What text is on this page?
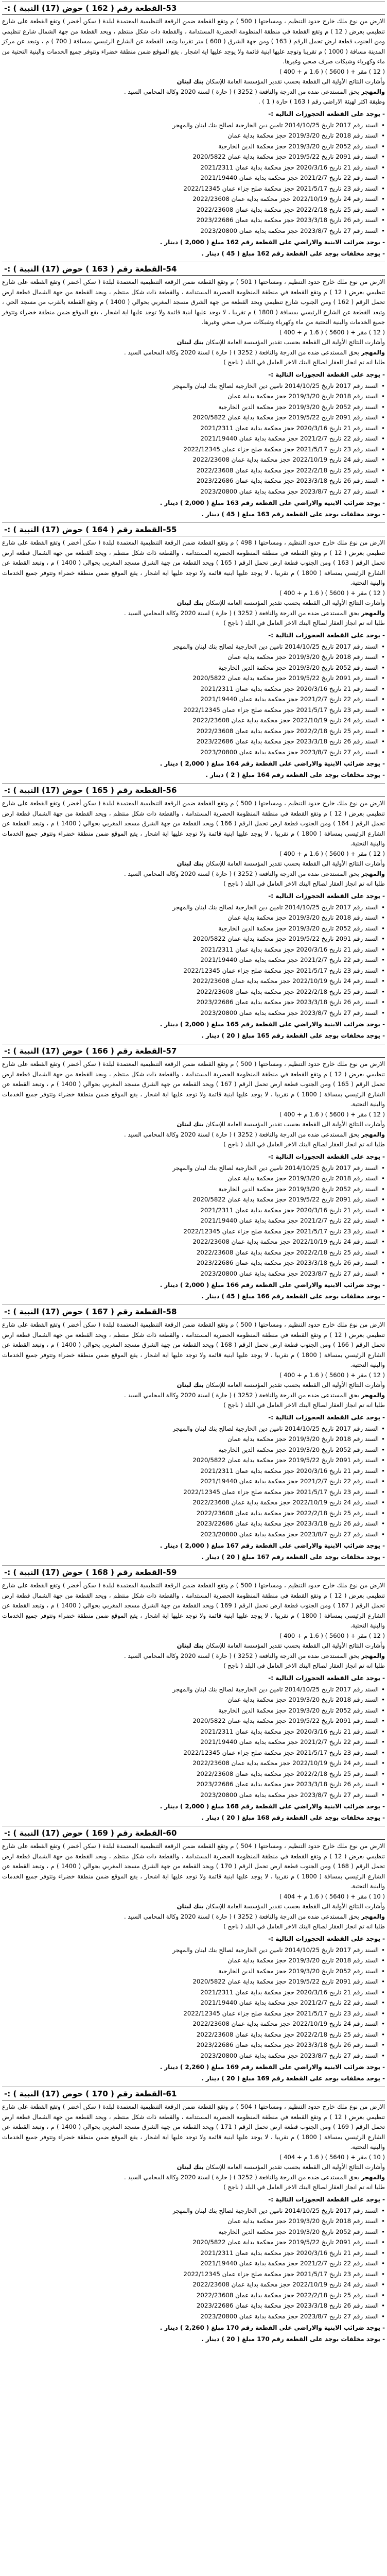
53-القطعة رقم ( 162 ) حوض (17) النبية ) :-

الارض من نوع ملك خارج حدود التنظيم ، ومساحتها ( 500 ) م وتقع القطعة ضمن الرقعة التنظيمية المعتمدة لبلدة ( سكن أخضر ) وتقع القطعة على شارع تنظيمي بعرض ( 12 ) م وتقع القطعة في منطقة المنظومة الحضرية المستدامة ، والقطعة ذات شكل منتظم ، ويحد القطعة من جهة الشمال شارع تنظيمي ومن الجنوب قطعة ارض تحمل الرقم ( 163 ) ومن جهة الشرق ( 600 ) متر تقريبا وتبعد القطعة عن الشارع الرئيسي بمسافة ( 700 ) م ، وتبعد عن مركز المدينة مسافة ( 1000 ) م تقريبا وتوجد عليها ابنية قائمة ولا يوجد عليها اية اشجار ، يقع الموقع ضمن منطقة خضراء وتتوفر جميع الخدمات والبنية التحتية من ماء وكهرباء وشبكات صرف صحي وغيرها.

( 12 ) مقر + ( 5600 ) ( 1.6 م + 400 )

وأشارت النتائج الأولية الى القطعة بحسب تقدير المؤسسة العامة للإسكان بنك لبنان

والمهجر بحق المستدعى ضده من الدرجة والنافعة ( 3252 ) ( حارة ) لسنة 2020 وكالة المحامي السيد .

وطبقة اكثر لهيئة الاراضي رقم ( 163 ) حارة ( 1 ) .

-يوجد على القطعة الحجوزات التالية :-
• السند رقم 2017 تاريخ 2014/10/25 تامين دين الخارجية لصالح بنك لبنان والمهجر
• السند رقم 2018 تاريخ 2019/3/20 حجز محكمة بداية عمان
• السند رقم 2052 تاريخ 2019/3/20 حجز محكمة الدين الخارجية
• السند رقم 2091 تاريخ 2019/5/22 حجز محكمة بداية عمان 2020/5822
• السند رقم 21 تاريخ 2020/3/16 حجز محكمة بداية عمان 2021/2311
• السند رقم 22 تاريخ 2021/2/7 حجز محكمة بداية عمان 2021/19440
• السند رقم 23 تاريخ 2021/5/17 حجز محكمة صلح جزاء عمان 2022/12345
• السند رقم 24 تاريخ 2022/10/19 حجز محكمة بداية عمان 2022/23608
• السند رقم 25 تاريخ 2022/2/18 حجز محكمة بداية عمان 2022/23608
• السند رقم 26 تاريخ 2023/3/18 حجز محكمة بداية عمان 2023/22686
• السند رقم 27 تاريخ 2023/8/7 حجز محكمة بداية عمان 2023/20800

- يوجد ضرائب الابنية والاراضي على القطعة رقم 162 مبلغ ( 2,000 ) دينار .

- يوجد مخلفات بوجد على القطعة رقم 162 مبلغ ( 45 ) دينار .

54-القطعة رقم ( 163 ) حوض (17) النبية ) :-

الارض من نوع ملك خارج حدود التنظيم ، ومساحتها ( 501 ) م وتقع القطعة ضمن الرقعة التنظيمية المعتمدة لبلدة ( سكن أخضر ) وتقع القطعة على شارع تنظيمي بعرض ( 12 ) م وتقع القطعة في منطقة المنظومة الحضرية المستدامة ، والقطعة ذات شكل منتظم ، ويحد القطعة من جهة الشمال قطعة ارض تحمل الرقم ( 162 ) ومن الجنوب شارع تنظيمي ويحد القطعة من جهة الشرق مسجد المغربي بحوالي ( 1400 ) م وتقع القطعة بالقرب من مسجد الحي ، وتبعد القطعة عن الشارع الرئيسي بمسافة ( 1800 ) م تقريبا ، لا يوجد عليها ابنية قائمة ولا توجد عليها اية اشجار ، يقع الموقع ضمن منطقة خضراء وتتوفر جميع الخدمات والبنية التحتية من ماء وكهرباء وشبكات صرف صحي وغيرها.

( 12 ) مقر + ( 5600 ) ( 1.6 م + 400 )

وأشارت النتائج الأولية الى القطعة بحسب تقدير المؤسسة العامة للإسكان بنك لبنان

والمهجر بحق المستدعى ضده من الدرجة والنافعة ( 3252 ) ( حارة ) لسنة 2020 وكالة المحامي السيد .

طلبا انه تم انجاز العقار لصالح البنك الاخر العامل في البلد ( ناجح )

-يوجد على القطعة الحجوزات التالية :-
• السند رقم 2017 تاريخ 2014/10/25 تامين دين الخارجية لصالح بنك لبنان والمهجر
• السند رقم 2018 تاريخ 2019/3/20 حجز محكمة بداية عمان
• السند رقم 2052 تاريخ 2019/3/20 حجز محكمة الدين الخارجية
• السند رقم 2091 تاريخ 2019/5/22 حجز محكمة بداية عمان 2020/5822
• السند رقم 21 تاريخ 2020/3/16 حجز محكمة بداية عمان 2021/2311
• السند رقم 22 تاريخ 2021/2/7 حجز محكمة بداية عمان 2021/19440
• السند رقم 23 تاريخ 2021/5/17 حجز محكمة صلح جزاء عمان 2022/12345
• السند رقم 24 تاريخ 2022/10/19 حجز محكمة بداية عمان 2022/23608
• السند رقم 25 تاريخ 2022/2/18 حجز محكمة بداية عمان 2022/23608
• السند رقم 26 تاريخ 2023/3/18 حجز محكمة بداية عمان 2023/22686
• السند رقم 27 تاريخ 2023/8/7 حجز محكمة بداية عمان 2023/20800

- يوجد ضرائب الابنية والاراضي على القطعة رقم 163 مبلغ ( 2,000 ) دينار .

- يوجد مخلفات بوجد على القطعة رقم 163 مبلغ ( 45 ) دينار .

55-القطعة رقم ( 164 ) حوض (17) النبية ) :-

الارض من نوع ملك خارج حدود التنظيم ، ومساحتها ( 498 ) م وتقع القطعة ضمن الرقعة التنظيمية المعتمدة لبلدة ( سكن أخضر ) وتقع القطعة على شارع تنظيمي بعرض ( 12 ) م وتقع القطعة في منطقة المنظومة الحضرية المستدامة ، والقطعة ذات شكل منتظم ، ويحد القطعة من جهة الشمال قطعة ارض تحمل الرقم ( 163 ) ومن الجنوب قطعة ارض تحمل الرقم ( 165 ) ويحد القطعة من جهة الشرق مسجد المغربي بحوالي ( 1400 ) م ، وتبعد القطعة عن الشارع الرئيسي بمسافة ( 1800 ) م تقريبا ، لا يوجد عليها ابنية قائمة ولا توجد عليها اية اشجار ، يقع الموقع ضمن منطقة خضراء وتتوفر جميع الخدمات والبنية التحتية.

( 12 ) مقر + ( 5600 ) ( 1.6 م + 400 )

وأشارت النتائج الأولية الى القطعة بحسب تقدير المؤسسة العامة للإسكان بنك لبنان

والمهجر بحق المستدعى ضده من الدرجة والنافعة ( 3252 ) ( حارة ) لسنة 2020 وكالة المحامي السيد .

طلبا انه تم انجاز العقار لصالح البنك الاخر العامل في البلد ( ناجح )

-يوجد على القطعة الحجوزات التالية :-
• السند رقم 2017 تاريخ 2014/10/25 تامين دين الخارجية لصالح بنك لبنان والمهجر
• السند رقم 2018 تاريخ 2019/3/20 حجز محكمة بداية عمان
• السند رقم 2052 تاريخ 2019/3/20 حجز محكمة الدين الخارجية
• السند رقم 2091 تاريخ 2019/5/22 حجز محكمة بداية عمان 2020/5822
• السند رقم 21 تاريخ 2020/3/16 حجز محكمة بداية عمان 2021/2311
• السند رقم 22 تاريخ 2021/2/7 حجز محكمة بداية عمان 2021/19440
• السند رقم 23 تاريخ 2021/5/17 حجز محكمة صلح جزاء عمان 2022/12345
• السند رقم 24 تاريخ 2022/10/19 حجز محكمة بداية عمان 2022/23608
• السند رقم 25 تاريخ 2022/2/18 حجز محكمة بداية عمان 2022/23608
• السند رقم 26 تاريخ 2023/3/18 حجز محكمة بداية عمان 2023/22686
• السند رقم 27 تاريخ 2023/8/7 حجز محكمة بداية عمان 2023/20800

- يوجد ضرائب الابنية والاراضي على القطعة رقم 164 مبلغ ( 2,000 ) دينار .

- يوجد مخلفات بوجد على القطعة رقم 164 مبلغ ( 2 ) دينار .

56-القطعة رقم ( 165 ) حوض (17) النبية ) :-

الارض من نوع ملك خارج حدود التنظيم ، ومساحتها ( 500 ) م وتقع القطعة ضمن الرقعة التنظيمية المعتمدة لبلدة ( سكن أخضر ) وتقع القطعة على شارع تنظيمي بعرض ( 12 ) م وتقع القطعة في منطقة المنظومة الحضرية المستدامة ، والقطعة ذات شكل منتظم ، ويحد القطعة من جهة الشمال قطعة ارض تحمل الرقم ( 164 ) ومن الجنوب قطعة ارض تحمل الرقم ( 166 ) ويحد القطعة من جهة الشرق مسجد المغربي بحوالي ( 1400 ) م ، وتبعد القطعة عن الشارع الرئيسي بمسافة ( 1800 ) م تقريبا ، لا يوجد عليها ابنية قائمة ولا توجد عليها اية اشجار ، يقع الموقع ضمن منطقة خضراء وتتوفر جميع الخدمات والبنية التحتية.

( 12 ) مقر + ( 5600 ) ( 1.6 م + 400 )

وأشارت النتائج الأولية الى القطعة بحسب تقدير المؤسسة العامة للإسكان بنك لبنان

والمهجر بحق المستدعى ضده من الدرجة والنافعة ( 3252 ) ( حارة ) لسنة 2020 وكالة المحامي السيد .

طلبا انه تم انجاز العقار لصالح البنك الاخر العامل في البلد ( ناجح )

-يوجد على القطعة الحجوزات التالية :-
• السند رقم 2017 تاريخ 2014/10/25 تامين دين الخارجية لصالح بنك لبنان والمهجر
• السند رقم 2018 تاريخ 2019/3/20 حجز محكمة بداية عمان
• السند رقم 2052 تاريخ 2019/3/20 حجز محكمة الدين الخارجية
• السند رقم 2091 تاريخ 2019/5/22 حجز محكمة بداية عمان 2020/5822
• السند رقم 21 تاريخ 2020/3/16 حجز محكمة بداية عمان 2021/2311
• السند رقم 22 تاريخ 2021/2/7 حجز محكمة بداية عمان 2021/19440
• السند رقم 23 تاريخ 2021/5/17 حجز محكمة صلح جزاء عمان 2022/12345
• السند رقم 24 تاريخ 2022/10/19 حجز محكمة بداية عمان 2022/23608
• السند رقم 25 تاريخ 2022/2/18 حجز محكمة بداية عمان 2022/23608
• السند رقم 26 تاريخ 2023/3/18 حجز محكمة بداية عمان 2023/22686
• السند رقم 27 تاريخ 2023/8/7 حجز محكمة بداية عمان 2023/20800

- يوجد ضرائب الابنية والاراضي على القطعة رقم 165 مبلغ ( 2,000 ) دينار .

- يوجد مخلفات بوجد على القطعة رقم 165 مبلغ ( 20 ) دينار .

57-القطعة رقم ( 166 ) حوض (17) النبية ) :-

الارض من نوع ملك خارج حدود التنظيم ، ومساحتها ( 500 ) م وتقع القطعة ضمن الرقعة التنظيمية المعتمدة لبلدة ( سكن أخضر ) وتقع القطعة على شارع تنظيمي بعرض ( 12 ) م وتقع القطعة في منطقة المنظومة الحضرية المستدامة ، والقطعة ذات شكل منتظم ، ويحد القطعة من جهة الشمال قطعة ارض تحمل الرقم ( 165 ) ومن الجنوب قطعة ارض تحمل الرقم ( 167 ) ويحد القطعة من جهة الشرق مسجد المغربي بحوالي ( 1400 ) م ، وتبعد القطعة عن الشارع الرئيسي بمسافة ( 1800 ) م تقريبا ، لا يوجد عليها ابنية قائمة ولا توجد عليها اية اشجار ، يقع الموقع ضمن منطقة خضراء وتتوفر جميع الخدمات والبنية التحتية.

( 12 ) مقر + ( 5600 ) ( 1.6 م + 400 )

وأشارت النتائج الأولية الى القطعة بحسب تقدير المؤسسة العامة للإسكان بنك لبنان

والمهجر بحق المستدعى ضده من الدرجة والنافعة ( 3252 ) ( حارة ) لسنة 2020 وكالة المحامي السيد .

طلبا انه تم انجاز العقار لصالح البنك الاخر العامل في البلد ( ناجح )

-يوجد على القطعة الحجوزات التالية :-
• السند رقم 2017 تاريخ 2014/10/25 تامين دين الخارجية لصالح بنك لبنان والمهجر
• السند رقم 2018 تاريخ 2019/3/20 حجز محكمة بداية عمان
• السند رقم 2052 تاريخ 2019/3/20 حجز محكمة الدين الخارجية
• السند رقم 2091 تاريخ 2019/5/22 حجز محكمة بداية عمان 2020/5822
• السند رقم 21 تاريخ 2020/3/16 حجز محكمة بداية عمان 2021/2311
• السند رقم 22 تاريخ 2021/2/7 حجز محكمة بداية عمان 2021/19440
• السند رقم 23 تاريخ 2021/5/17 حجز محكمة صلح جزاء عمان 2022/12345
• السند رقم 24 تاريخ 2022/10/19 حجز محكمة بداية عمان 2022/23608
• السند رقم 25 تاريخ 2022/2/18 حجز محكمة بداية عمان 2022/23608
• السند رقم 26 تاريخ 2023/3/18 حجز محكمة بداية عمان 2023/22686
• السند رقم 27 تاريخ 2023/8/7 حجز محكمة بداية عمان 2023/20800

- يوجد ضرائب الابنية والاراضي على القطعة رقم 166 مبلغ ( 2,000 ) دينار .

- يوجد مخلفات بوجد على القطعة رقم 166 مبلغ ( 45 ) دينار .

58-القطعة رقم ( 167 ) حوض (17) النبية ) :-

الارض من نوع ملك خارج حدود التنظيم ، ومساحتها ( 500 ) م وتقع القطعة ضمن الرقعة التنظيمية المعتمدة لبلدة ( سكن أخضر ) وتقع القطعة على شارع تنظيمي بعرض ( 12 ) م وتقع القطعة في منطقة المنظومة الحضرية المستدامة ، والقطعة ذات شكل منتظم ، ويحد القطعة من جهة الشمال قطعة ارض تحمل الرقم ( 166 ) ومن الجنوب قطعة ارض تحمل الرقم ( 168 ) ويحد القطعة من جهة الشرق مسجد المغربي بحوالي ( 1400 ) م ، وتبعد القطعة عن الشارع الرئيسي بمسافة ( 1800 ) م تقريبا ، لا يوجد عليها ابنية قائمة ولا توجد عليها اية اشجار ، يقع الموقع ضمن منطقة خضراء وتتوفر جميع الخدمات والبنية التحتية.

( 12 ) مقر + ( 5600 ) ( 1.6 م + 400 )

وأشارت النتائج الأولية الى القطعة بحسب تقدير المؤسسة العامة للإسكان بنك لبنان

والمهجر بحق المستدعى ضده من الدرجة والنافعة ( 3252 ) ( حارة ) لسنة 2020 وكالة المحامي السيد .

طلبا انه تم انجاز العقار لصالح البنك الاخر العامل في البلد ( ناجح )

-يوجد على القطعة الحجوزات التالية :-
• السند رقم 2017 تاريخ 2014/10/25 تامين دين الخارجية لصالح بنك لبنان والمهجر
• السند رقم 2018 تاريخ 2019/3/20 حجز محكمة بداية عمان
• السند رقم 2052 تاريخ 2019/3/20 حجز محكمة الدين الخارجية
• السند رقم 2091 تاريخ 2019/5/22 حجز محكمة بداية عمان 2020/5822
• السند رقم 21 تاريخ 2020/3/16 حجز محكمة بداية عمان 2021/2311
• السند رقم 22 تاريخ 2021/2/7 حجز محكمة بداية عمان 2021/19440
• السند رقم 23 تاريخ 2021/5/17 حجز محكمة صلح جزاء عمان 2022/12345
• السند رقم 24 تاريخ 2022/10/19 حجز محكمة بداية عمان 2022/23608
• السند رقم 25 تاريخ 2022/2/18 حجز محكمة بداية عمان 2022/23608
• السند رقم 26 تاريخ 2023/3/18 حجز محكمة بداية عمان 2023/22686
• السند رقم 27 تاريخ 2023/8/7 حجز محكمة بداية عمان 2023/20800

- يوجد ضرائب الابنية والاراضي على القطعة رقم 167 مبلغ ( 2,000 ) دينار .

- يوجد مخلفات بوجد على القطعة رقم 167 مبلغ ( 20 ) دينار .

59-القطعة رقم ( 168 ) حوض (17) النبية ) :-

الارض من نوع ملك خارج حدود التنظيم ، ومساحتها ( 500 ) م وتقع القطعة ضمن الرقعة التنظيمية المعتمدة لبلدة ( سكن أخضر ) وتقع القطعة على شارع تنظيمي بعرض ( 12 ) م وتقع القطعة في منطقة المنظومة الحضرية المستدامة ، والقطعة ذات شكل منتظم ، ويحد القطعة من جهة الشمال قطعة ارض تحمل الرقم ( 167 ) ومن الجنوب قطعة ارض تحمل الرقم ( 169 ) ويحد القطعة من جهة الشرق مسجد المغربي بحوالي ( 1400 ) م ، وتبعد القطعة عن الشارع الرئيسي بمسافة ( 1800 ) م تقريبا ، لا يوجد عليها ابنية قائمة ولا توجد عليها اية اشجار ، يقع الموقع ضمن منطقة خضراء وتتوفر جميع الخدمات والبنية التحتية.

( 12 ) مقر + ( 5600 ) ( 1.6 م + 400 )

وأشارت النتائج الأولية الى القطعة بحسب تقدير المؤسسة العامة للإسكان بنك لبنان

والمهجر بحق المستدعى ضده من الدرجة والنافعة ( 3252 ) ( حارة ) لسنة 2020 وكالة المحامي السيد .

طلبا انه تم انجاز العقار لصالح البنك الاخر العامل في البلد ( ناجح )

-يوجد على القطعة الحجوزات التالية :-
• السند رقم 2017 تاريخ 2014/10/25 تامين دين الخارجية لصالح بنك لبنان والمهجر
• السند رقم 2018 تاريخ 2019/3/20 حجز محكمة بداية عمان
• السند رقم 2052 تاريخ 2019/3/20 حجز محكمة الدين الخارجية
• السند رقم 2091 تاريخ 2019/5/22 حجز محكمة بداية عمان 2020/5822
• السند رقم 21 تاريخ 2020/3/16 حجز محكمة بداية عمان 2021/2311
• السند رقم 22 تاريخ 2021/2/7 حجز محكمة بداية عمان 2021/19440
• السند رقم 23 تاريخ 2021/5/17 حجز محكمة صلح جزاء عمان 2022/12345
• السند رقم 24 تاريخ 2022/10/19 حجز محكمة بداية عمان 2022/23608
• السند رقم 25 تاريخ 2022/2/18 حجز محكمة بداية عمان 2022/23608
• السند رقم 26 تاريخ 2023/3/18 حجز محكمة بداية عمان 2023/22686
• السند رقم 27 تاريخ 2023/8/7 حجز محكمة بداية عمان 2023/20800

- يوجد ضرائب الابنية والاراضي على القطعة رقم 168 مبلغ ( 2,000 ) دينار .

- يوجد مخلفات بوجد على القطعة رقم 168 مبلغ ( 20 ) دينار .

60-القطعة رقم ( 169 ) حوض (17) النبية ) :-

الارض من نوع ملك خارج حدود التنظيم ، ومساحتها ( 504 ) م وتقع القطعة ضمن الرقعة التنظيمية المعتمدة لبلدة ( سكن أخضر ) وتقع القطعة على شارع تنظيمي بعرض ( 12 ) م وتقع القطعة في منطقة المنظومة الحضرية المستدامة ، والقطعة ذات شكل منتظم ، ويحد القطعة من جهة الشمال قطعة ارض تحمل الرقم ( 168 ) ومن الجنوب قطعة ارض تحمل الرقم ( 170 ) ويحد القطعة من جهة الشرق مسجد المغربي بحوالي ( 1400 ) م ، وتبعد القطعة عن الشارع الرئيسي بمسافة ( 1800 ) م تقريبا ، لا يوجد عليها ابنية قائمة ولا توجد عليها اية اشجار ، يقع الموقع ضمن منطقة خضراء وتتوفر جميع الخدمات والبنية التحتية.

( 10 ) مقر + ( 5640 ) ( 1.6 م + 404 )

وأشارت النتائج الأولية الى القطعة بحسب تقدير المؤسسة العامة للإسكان بنك لبنان

والمهجر بحق المستدعى ضده من الدرجة والنافعة ( 3252 ) ( حارة ) لسنة 2020 وكالة المحامي السيد .

طلبا انه تم انجاز العقار لصالح البنك الاخر العامل في البلد ( ناجح )

-يوجد على القطعة الحجوزات التالية :-
• السند رقم 2017 تاريخ 2014/10/25 تامين دين الخارجية لصالح بنك لبنان والمهجر
• السند رقم 2018 تاريخ 2019/3/20 حجز محكمة بداية عمان
• السند رقم 2052 تاريخ 2019/3/20 حجز محكمة الدين الخارجية
• السند رقم 2091 تاريخ 2019/5/22 حجز محكمة بداية عمان 2020/5822
• السند رقم 21 تاريخ 2020/3/16 حجز محكمة بداية عمان 2021/2311
• السند رقم 22 تاريخ 2021/2/7 حجز محكمة بداية عمان 2021/19440
• السند رقم 23 تاريخ 2021/5/17 حجز محكمة صلح جزاء عمان 2022/12345
• السند رقم 24 تاريخ 2022/10/19 حجز محكمة بداية عمان 2022/23608
• السند رقم 25 تاريخ 2022/2/18 حجز محكمة بداية عمان 2022/23608
• السند رقم 26 تاريخ 2023/3/18 حجز محكمة بداية عمان 2023/22686
• السند رقم 27 تاريخ 2023/8/7 حجز محكمة بداية عمان 2023/20800

- يوجد ضرائب الابنية والاراضي على القطعة رقم 169 مبلغ ( 2,260 ) دينار .

- يوجد مخلفات بوجد على القطعة رقم 169 مبلغ ( 20 ) دينار .

61-القطعة رقم ( 170 ) حوض (17) النبية ) :-

الارض من نوع ملك خارج حدود التنظيم ، ومساحتها ( 504 ) م وتقع القطعة ضمن الرقعة التنظيمية المعتمدة لبلدة ( سكن أخضر ) وتقع القطعة على شارع تنظيمي بعرض ( 12 ) م وتقع القطعة في منطقة المنظومة الحضرية المستدامة ، والقطعة ذات شكل منتظم ، ويحد القطعة من جهة الشمال قطعة ارض تحمل الرقم ( 169 ) ومن الجنوب قطعة ارض تحمل الرقم ( 171 ) ويحد القطعة من جهة الشرق مسجد المغربي بحوالي ( 1400 ) م ، وتبعد القطعة عن الشارع الرئيسي بمسافة ( 1800 ) م تقريبا ، لا يوجد عليها ابنية قائمة ولا توجد عليها اية اشجار ، يقع الموقع ضمن منطقة خضراء وتتوفر جميع الخدمات والبنية التحتية.

( 10 ) مقر + ( 5640 ) ( 1.6 م + 404 )

وأشارت النتائج الأولية الى القطعة بحسب تقدير المؤسسة العامة للإسكان بنك لبنان

والمهجر بحق المستدعى ضده من الدرجة والنافعة ( 3252 ) ( حارة ) لسنة 2020 وكالة المحامي السيد .

طلبا انه تم انجاز العقار لصالح البنك الاخر العامل في البلد ( ناجح )

-يوجد على القطعة الحجوزات التالية :-
• السند رقم 2017 تاريخ 2014/10/25 تامين دين الخارجية لصالح بنك لبنان والمهجر
• السند رقم 2018 تاريخ 2019/3/20 حجز محكمة بداية عمان
• السند رقم 2052 تاريخ 2019/3/20 حجز محكمة الدين الخارجية
• السند رقم 2091 تاريخ 2019/5/22 حجز محكمة بداية عمان 2020/5822
• السند رقم 21 تاريخ 2020/3/16 حجز محكمة بداية عمان 2021/2311
• السند رقم 22 تاريخ 2021/2/7 حجز محكمة بداية عمان 2021/19440
• السند رقم 23 تاريخ 2021/5/17 حجز محكمة صلح جزاء عمان 2022/12345
• السند رقم 24 تاريخ 2022/10/19 حجز محكمة بداية عمان 2022/23608
• السند رقم 25 تاريخ 2022/2/18 حجز محكمة بداية عمان 2022/23608
• السند رقم 26 تاريخ 2023/3/18 حجز محكمة بداية عمان 2023/22686
• السند رقم 27 تاريخ 2023/8/7 حجز محكمة بداية عمان 2023/20800

- يوجد ضرائب الابنية والاراضي على القطعة رقم 170 مبلغ ( 2,260 ) دينار .

- يوجد مخلفات بوجد على القطعة رقم 170 مبلغ ( 20 ) دينار .
